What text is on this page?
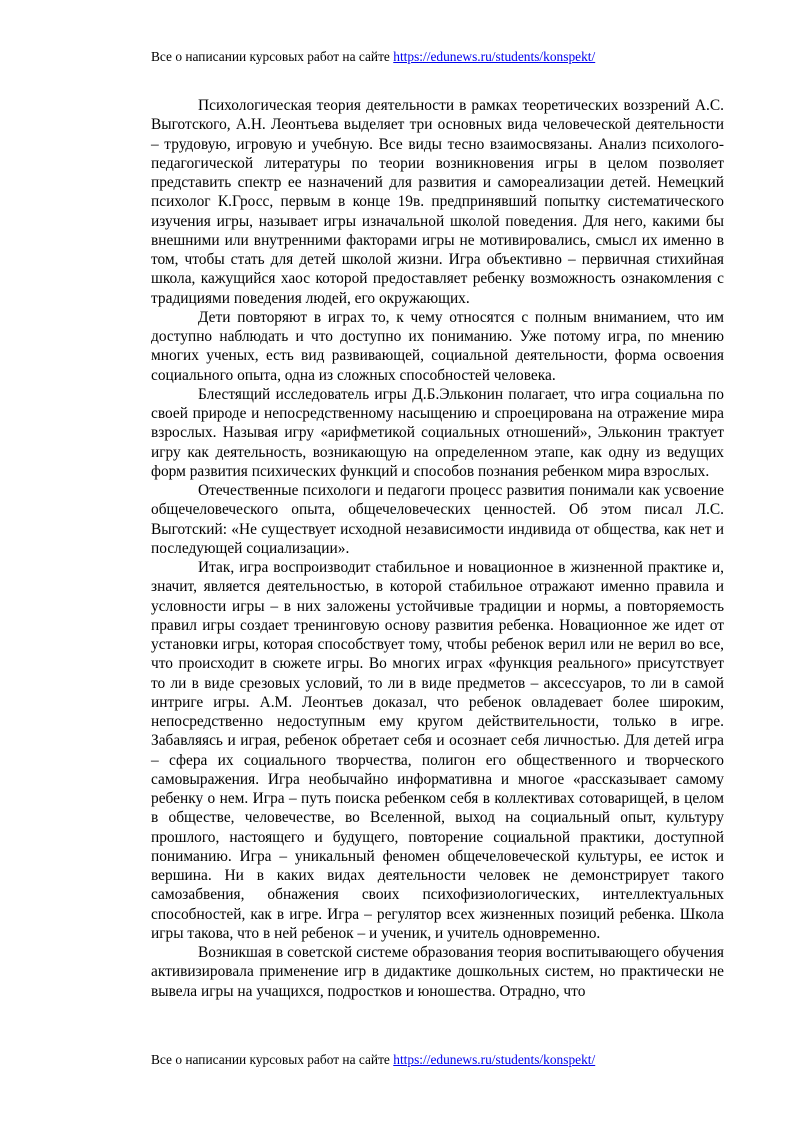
Все о написании курсовых работ на сайте https://edunews.ru/students/konspekt/

Психологическая теория деятельности в рамках теоретических воззрений А.С. Выготского, А.Н. Леонтьева выделяет три основных вида человеческой деятельности – трудовую, игровую и учебную. Все виды тесно взаимосвязаны. Анализ психолого-педагогической литературы по теории возникновения игры в целом позволяет представить спектр ее назначений для развития и самореализации детей. Немецкий психолог К.Гросс, первым в конце 19в. предпринявший попытку систематического изучения игры, называет игры изначальной школой поведения. Для него, какими бы внешними или внутренними факторами игры не мотивировались, смысл их именно в том, чтобы стать для детей школой жизни. Игра объективно – первичная стихийная школа, кажущийся хаос которой предоставляет ребенку возможность ознакомления с традициями поведения людей, его окружающих.

Дети повторяют в играх то, к чему относятся с полным вниманием, что им доступно наблюдать и что доступно их пониманию. Уже потому игра, по мнению многих ученых, есть вид развивающей, социальной деятельности, форма освоения социального опыта, одна из сложных способностей человека.

Блестящий исследователь игры Д.Б.Эльконин полагает, что игра социальна по своей природе и непосредственному насыщению и спроецирована на отражение мира взрослых. Называя игру «арифметикой социальных отношений», Эльконин трактует игру как деятельность, возникающую на определенном этапе, как одну из ведущих форм развития психических функций и способов познания ребенком мира взрослых.

Отечественные психологи и педагоги процесс развития понимали как усвоение общечеловеческого опыта, общечеловеческих ценностей. Об этом писал Л.С. Выготский: «Не существует исходной независимости индивида от общества, как нет и последующей социализации».

Итак, игра воспроизводит стабильное и новационное в жизненной практике и, значит, является деятельностью, в которой стабильное отражают именно правила и условности игры – в них заложены устойчивые традиции и нормы, а повторяемость правил игры создает тренинговую основу развития ребенка. Новационное же идет от установки игры, которая способствует тому, чтобы ребенок верил или не верил во все, что происходит в сюжете игры. Во многих играх «функция реального» присутствует то ли в виде срезовых условий, то ли в виде предметов – аксессуаров, то ли в самой интриге игры. А.М. Леонтьев доказал, что ребенок овладевает более широким, непосредственно недоступным ему кругом действительности, только в игре. Забавляясь и играя, ребенок обретает себя и осознает себя личностью. Для детей игра – сфера их социального творчества, полигон его общественного и творческого самовыражения. Игра необычайно информативна и многое «рассказывает самому ребенку о нем. Игра – путь поиска ребенком себя в коллективах сотоварищей, в целом в обществе, человечестве, во Вселенной, выход на социальный опыт, культуру прошлого, настоящего и будущего, повторение социальной практики, доступной пониманию. Игра – уникальный феномен общечеловеческой культуры, ее исток и вершина. Ни в каких видах деятельности человек не демонстрирует такого самозабвения, обнажения своих психофизиологических, интеллектуальных способностей, как в игре. Игра – регулятор всех жизненных позиций ребенка. Школа игры такова, что в ней ребенок – и ученик, и учитель одновременно.

Возникшая в советской системе образования теория воспитывающего обучения активизировала применение игр в дидактике дошкольных систем, но практически не вывела игры на учащихся, подростков и юношества. Отрадно, что

Все о написании курсовых работ на сайте https://edunews.ru/students/konspekt/
